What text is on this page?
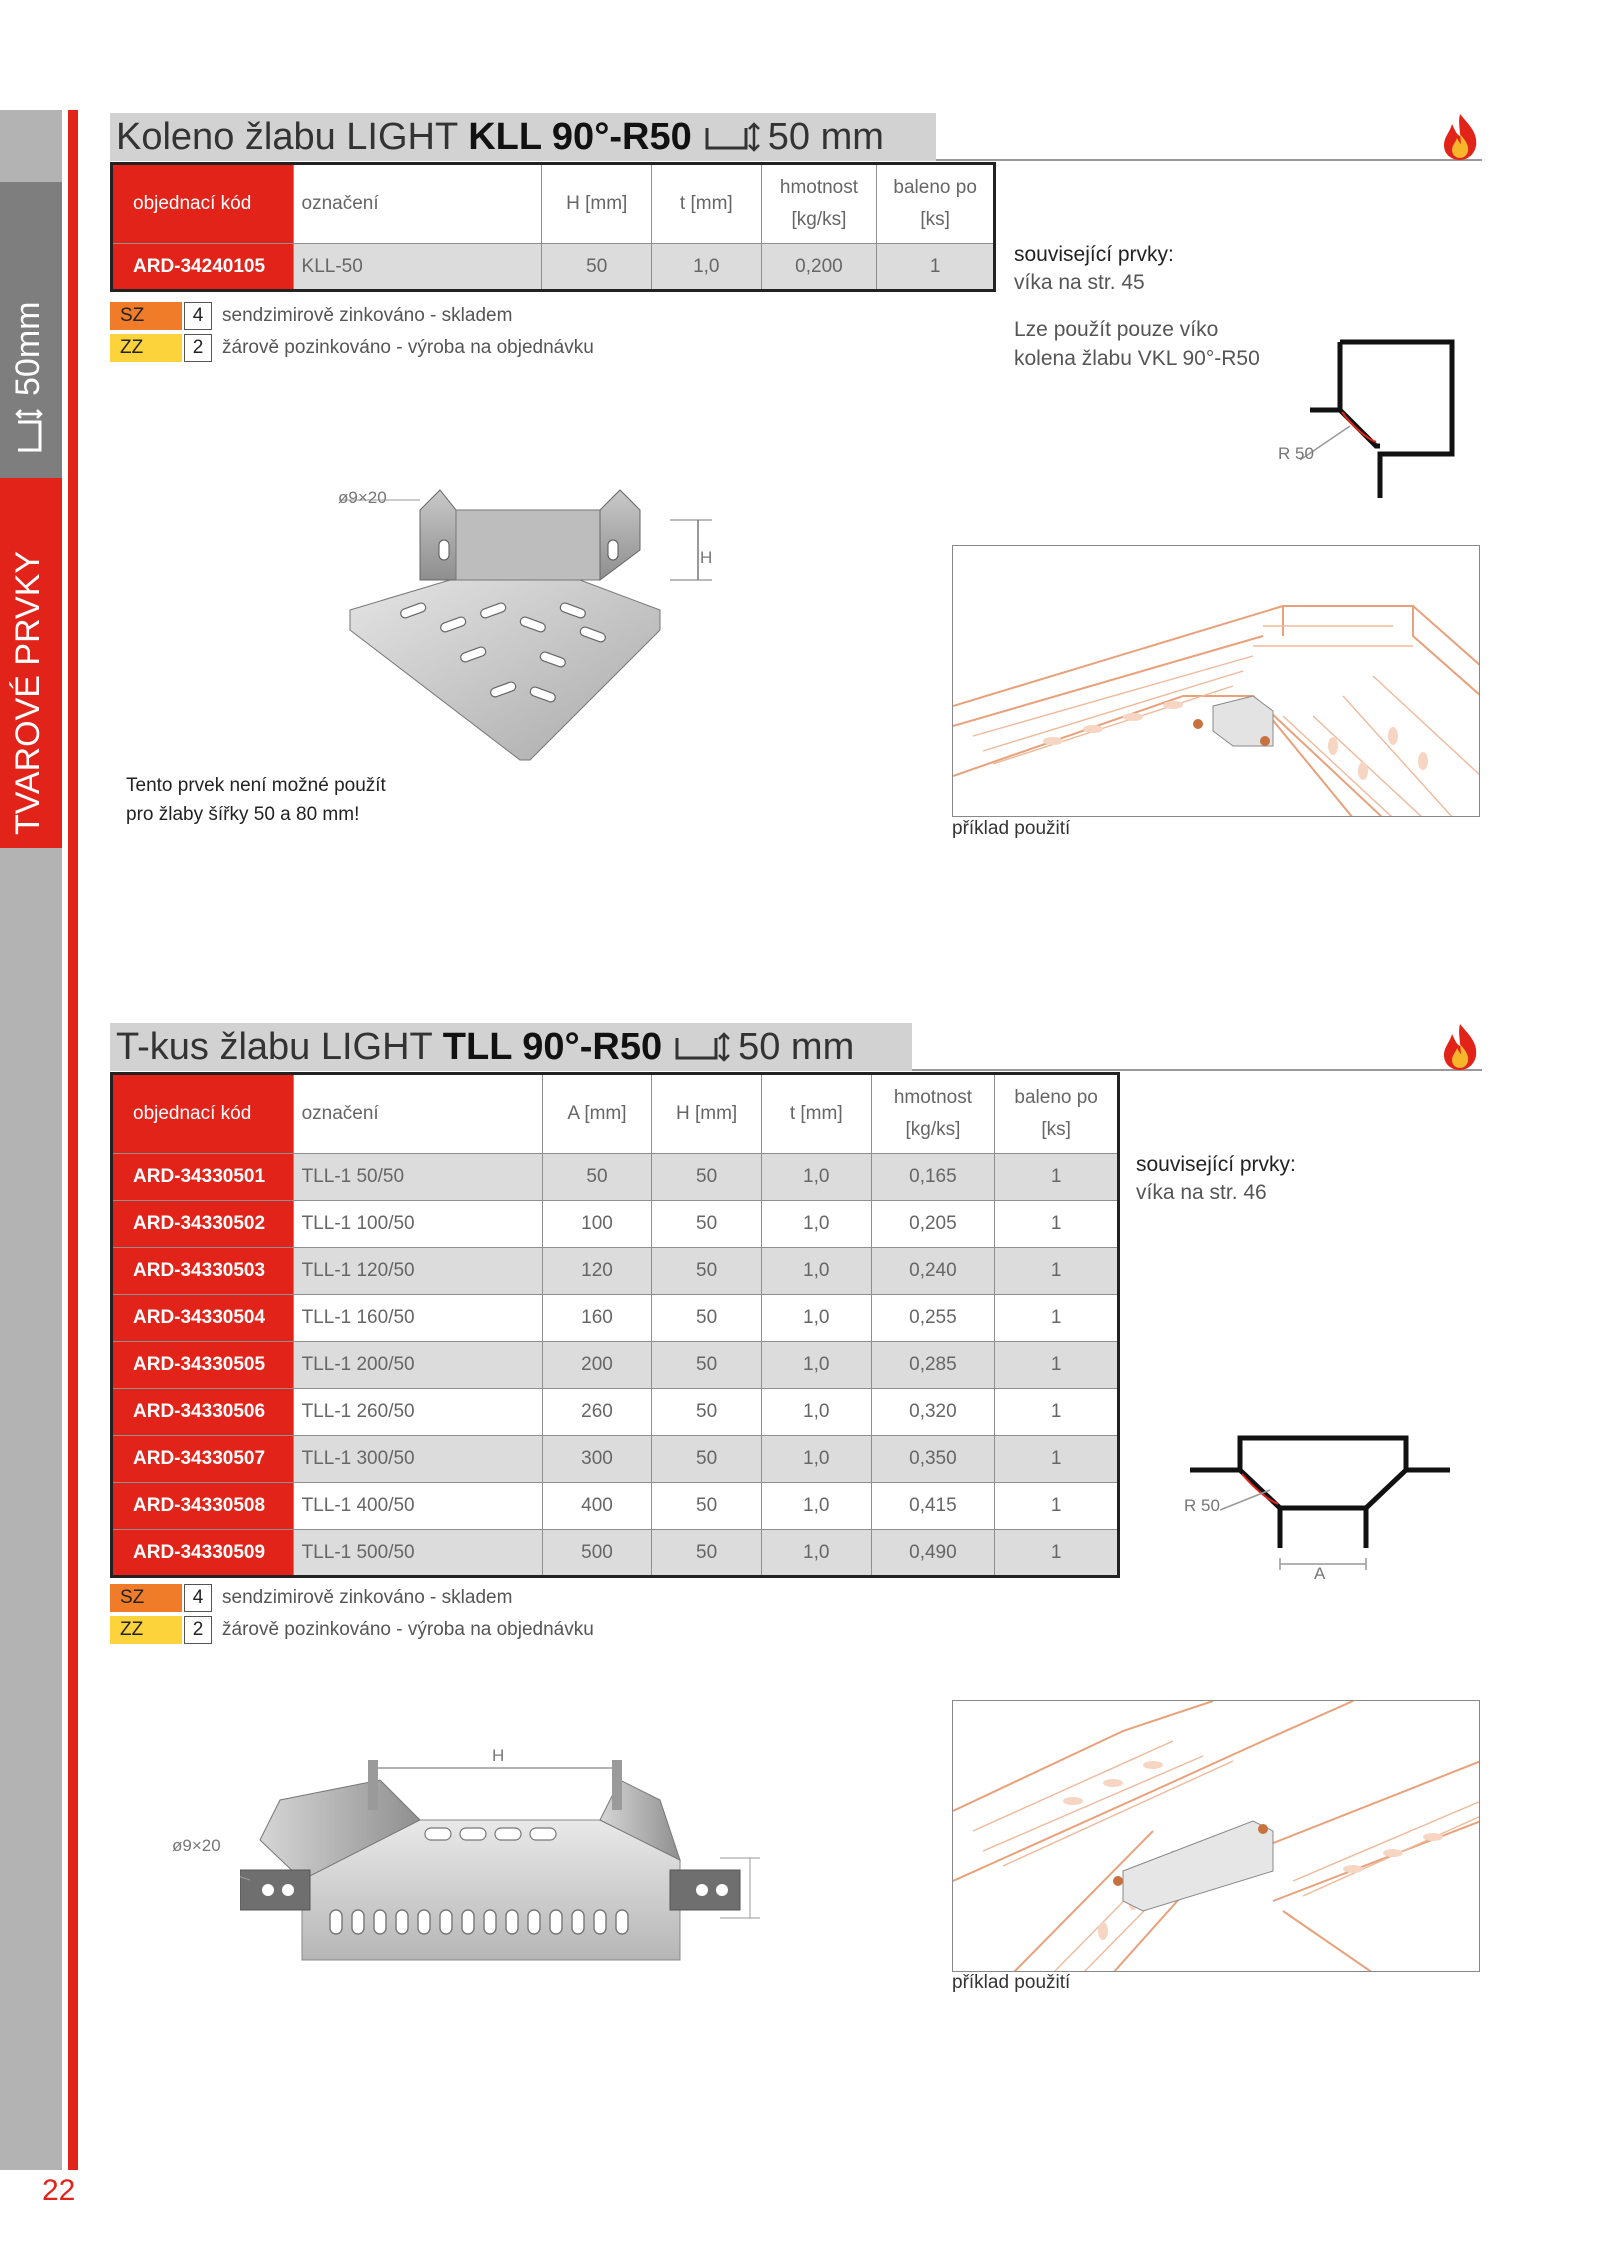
TVAROVÉ PRVKY
50mm
22
Koleno žlabu LIGHT KLL 90°-R50 50 mm
objednací kód	označení	H [mm]	t [mm]	hmotnost
[kg/ks]	baleno po
[ks]
ARD-34240105	KLL-50	50	1,0	0,200	1
SZ	4 sendzimirově zinkováno - skladem
ZZ	2 žárově pozinkováno - výroba na objednávku
související prvky:
víka na str. 45
Lze použít pouze víko
kolena žlabu VKL 90°-R50
R 50
ø9×20
H
Tento prvek není možné použít
pro žlaby šířky 50 a 80 mm!
příklad použití
T-kus žlabu LIGHT TLL 90°-R50 50 mm
objednací kód	označení	A [mm]	H [mm]	t [mm]	hmotnost
[kg/ks]	baleno po
[ks]
ARD-34330501	TLL-1 50/50	50	50	1,0	0,165	1
ARD-34330502	TLL-1 100/50	100	50	1,0	0,205	1
ARD-34330503	TLL-1 120/50	120	50	1,0	0,240	1
ARD-34330504	TLL-1 160/50	160	50	1,0	0,255	1
ARD-34330505	TLL-1 200/50	200	50	1,0	0,285	1
ARD-34330506	TLL-1 260/50	260	50	1,0	0,320	1
ARD-34330507	TLL-1 300/50	300	50	1,0	0,350	1
ARD-34330508	TLL-1 400/50	400	50	1,0	0,415	1
ARD-34330509	TLL-1 500/50	500	50	1,0	0,490	1
SZ	4 sendzimirově zinkováno - skladem
ZZ	2 žárově pozinkováno - výroba na objednávku
související prvky:
víka na str. 46
R 50
A
ø9×20
H
příklad použití
